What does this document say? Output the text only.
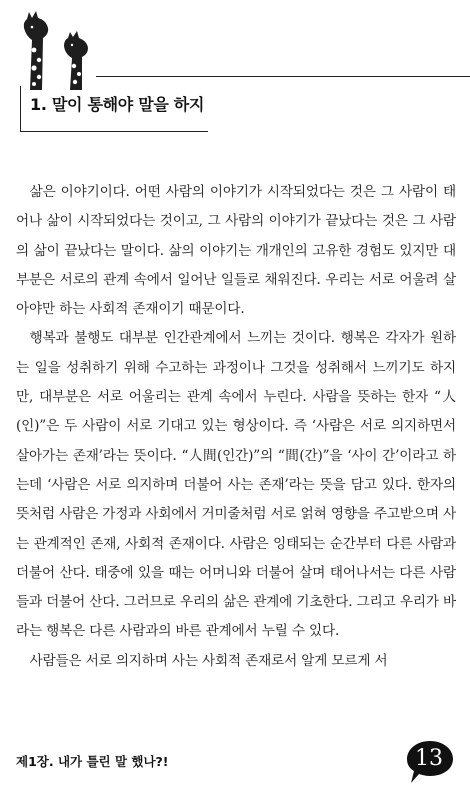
1. 말이 통해야 말을 하지

삶은 이야기이다. 어떤 사람의 이야기가 시작되었다는 것은 그 사람이 태어나 삶이 시작되었다는 것이고, 그 사람의 이야기가 끝났다는 것은 그 사람의 삶이 끝났다는 말이다. 삶의 이야기는 개개인의 고유한 경험도 있지만 대부분은 서로의 관계 속에서 일어난 일들로 채워진다. 우리는 서로 어울려 살아야만 하는 사회적 존재이기 때문이다.

행복과 불행도 대부분 인간관계에서 느끼는 것이다. 행복은 각자가 원하는 일을 성취하기 위해 수고하는 과정이나 그것을 성취해서 느끼기도 하지만, 대부분은 서로 어울리는 관계 속에서 누린다. 사람을 뜻하는 한자 “人(인)”은 두 사람이 서로 기대고 있는 형상이다. 즉 ‘사람은 서로 의지하면서 살아가는 존재’라는 뜻이다. “人間(인간)”의 “間(간)”을 ‘사이 간’이라고 하는데 ‘사람은 서로 의지하며 더불어 사는 존재’라는 뜻을 담고 있다. 한자의 뜻처럼 사람은 가정과 사회에서 거미줄처럼 서로 얽혀 영향을 주고받으며 사는 관계적인 존재, 사회적 존재이다. 사람은 잉태되는 순간부터 다른 사람과 더불어 산다. 태중에 있을 때는 어머니와 더불어 살며 태어나서는 다른 사람들과 더불어 산다. 그러므로 우리의 삶은 관계에 기초한다. 그리고 우리가 바라는 행복은 다른 사람과의 바른 관계에서 누릴 수 있다.

사람들은 서로 의지하며 사는 사회적 존재로서 알게 모르게 서

제1장. 내가 틀린 말 했나?!	13
